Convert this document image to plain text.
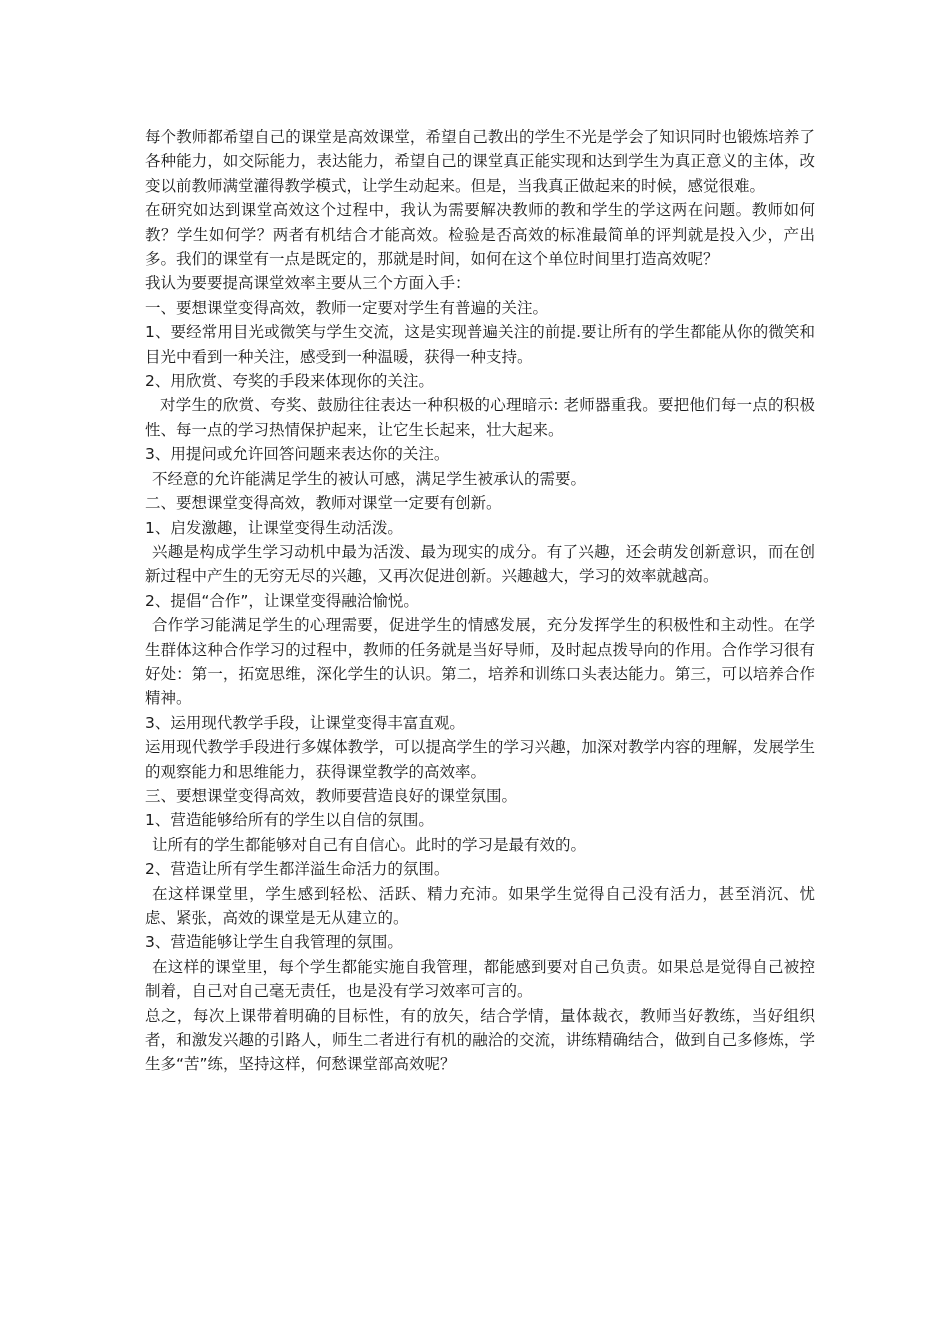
每个教师都希望自己的课堂是高效课堂，希望自己教出的学生不光是学会了知识同时也锻炼培养了各种能力，如交际能力，表达能力，希望自己的课堂真正能实现和达到学生为真正意义的主体，改变以前教师满堂灌得教学模式，让学生动起来。但是，当我真正做起来的时候，感觉很难。

在研究如达到课堂高效这个过程中，我认为需要解决教师的教和学生的学这两在问题。教师如何教？学生如何学？两者有机结合才能高效。检验是否高效的标准最简单的评判就是投入少，产出多。我们的课堂有一点是既定的，那就是时间，如何在这个单位时间里打造高效呢？

我认为要要提高课堂效率主要从三个方面入手：

一、要想课堂变得高效，教师一定要对学生有普遍的关注。

1、要经常用目光或微笑与学生交流，这是实现普遍关注的前提.要让所有的学生都能从你的微笑和目光中看到一种关注，感受到一种温暖，获得一种支持。

2、用欣赏、夸奖的手段来体现你的关注。

对学生的欣赏、夸奖、鼓励往往表达一种积极的心理暗示: 老师器重我。要把他们每一点的积极性、每一点的学习热情保护起来，让它生长起来，壮大起来。

3、用提问或允许回答问题来表达你的关注。

不经意的允许能满足学生的被认可感，满足学生被承认的需要。

二、要想课堂变得高效，教师对课堂一定要有创新。

1、启发激趣，让课堂变得生动活泼。

兴趣是构成学生学习动机中最为活泼、最为现实的成分。有了兴趣，还会萌发创新意识，而在创新过程中产生的无穷无尽的兴趣，又再次促进创新。兴趣越大，学习的效率就越高。

2、提倡“合作”，让课堂变得融洽愉悦。

合作学习能满足学生的心理需要，促进学生的情感发展，充分发挥学生的积极性和主动性。在学生群体这种合作学习的过程中，教师的任务就是当好导师，及时起点拨导向的作用。合作学习很有好处：第一，拓宽思维，深化学生的认识。第二，培养和训练口头表达能力。第三，可以培养合作精神。

3、运用现代教学手段，让课堂变得丰富直观。

运用现代教学手段进行多媒体教学，可以提高学生的学习兴趣，加深对教学内容的理解，发展学生的观察能力和思维能力，获得课堂教学的高效率。

三、要想课堂变得高效，教师要营造良好的课堂氛围。

1、营造能够给所有的学生以自信的氛围。

让所有的学生都能够对自己有自信心。此时的学习是最有效的。

2、营造让所有学生都洋溢生命活力的氛围。

在这样课堂里，学生感到轻松、活跃、精力充沛。如果学生觉得自己没有活力，甚至消沉、忧虑、紧张，高效的课堂是无从建立的。

3、营造能够让学生自我管理的氛围。

在这样的课堂里，每个学生都能实施自我管理，都能感到要对自己负责。如果总是觉得自己被控制着，自己对自己毫无责任，也是没有学习效率可言的。

总之，每次上课带着明确的目标性，有的放矢，结合学情，量体裁衣，教师当好教练，当好组织者，和激发兴趣的引路人，师生二者进行有机的融洽的交流，讲练精确结合，做到自己多修炼，学生多“苦”练，坚持这样，何愁课堂部高效呢？
